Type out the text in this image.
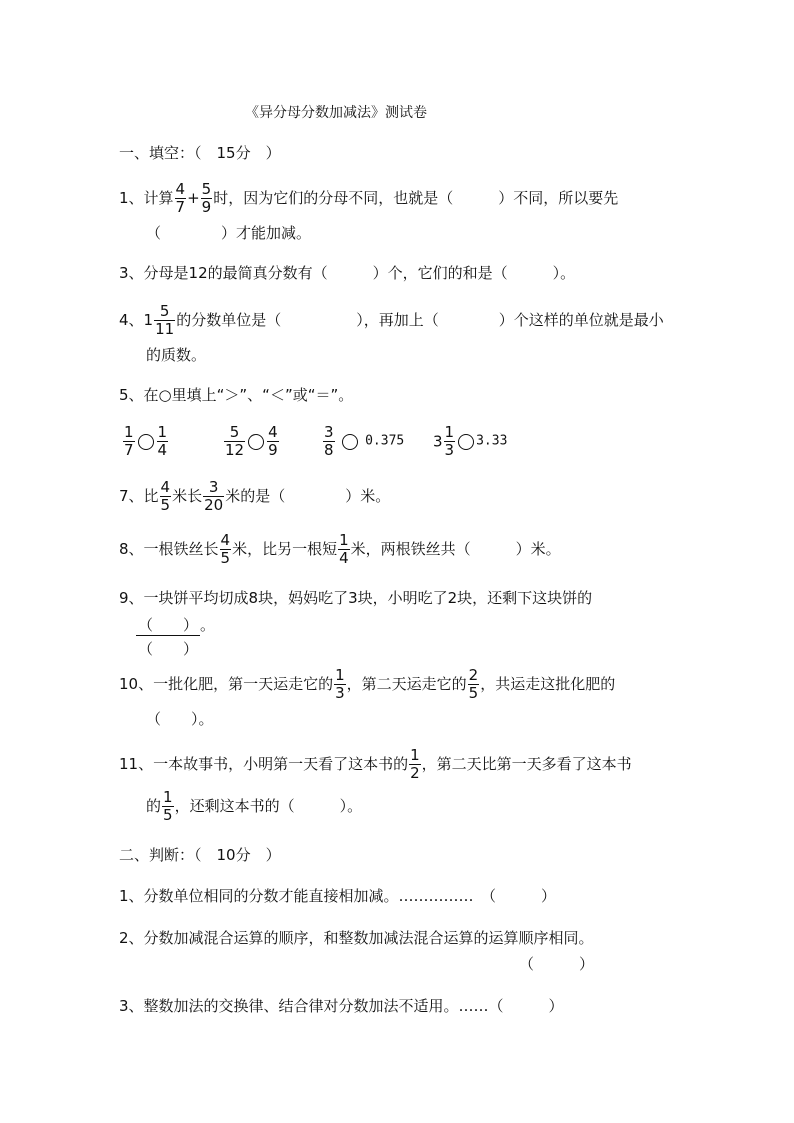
《异分母分数加减法》测试卷
一、填空：（　15分　）
1、计算 $\frac{4}{7} + \frac{5}{9}$ 时，因为它们的分母不同，也就是（　　　）不同，所以要先
（　　　　）才能加减。
3、分母是12的最简真分数有（　　　）个，它们的和是（　　　）。
4、$1 \frac{5}{11}$ 的分数单位是（　　　　　），再加上（　　　　）个这样的单位就是最小
的质数。
5、在○里填上“＞”、“＜”或“＝”。
$\frac{1}{7} \frac{1}{4}$	$\frac{5}{12} \frac{4}{9}$	$\frac{3}{8} 0.375$ $3 \frac{1}{3} 3.33$
7、比 $\frac{4}{5}$ 米长 $\frac{3}{20}$ 米的是（　　　　）米。
8、一根铁丝长 $\frac{4}{5}$ 米，比另一根短 $\frac{1}{4}$ 米，两根铁丝共（　　　）米。
9、一块饼平均切成8块，妈妈吃了3块，小明吃了2块，还剩下这块饼的
（　　） 。
（　　）
10、一批化肥，第一天运走它的 $\frac{1}{3}$ ，第二天运走它的 $\frac{2}{5}$ ，共运走这批化肥的
（　　）。
11、一本故事书，小明第一天看了这本书的 $\frac{1}{2}$ ，第二天比第一天多看了这本书
的 $\frac{1}{5}$ ，还剩这本书的（　　　）。
二、判断：（　10分　）
1、分数单位相同的分数才能直接相加减。……………　（　　　）
2、分数加减混合运算的顺序，和整数加减法混合运算的运算顺序相同。
（　　　）
3、整数加法的交换律、结合律对分数加法不适用。……（　　　）
